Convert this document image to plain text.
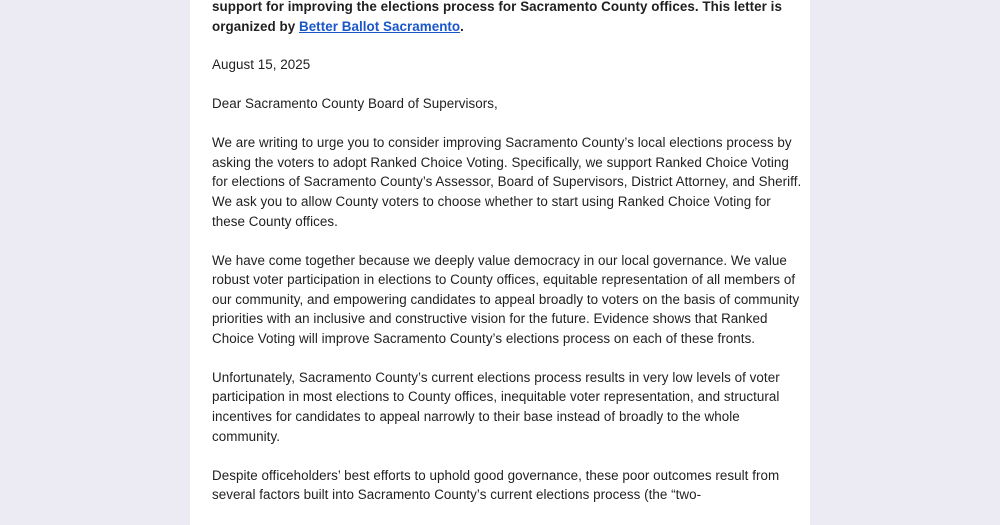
support for improving the elections process for Sacramento County offices. This letter is
organized by Better Ballot Sacramento.

August 15, 2025

Dear Sacramento County Board of Supervisors,

We are writing to urge you to consider improving Sacramento County’s local elections process by asking the voters to adopt Ranked Choice Voting. Specifically, we support Ranked Choice Voting for elections of Sacramento County’s Assessor, Board of Supervisors, District Attorney, and Sheriff. We ask you to allow County voters to choose whether to start using Ranked Choice Voting for these County offices.

We have come together because we deeply value democracy in our local governance. We value robust voter participation in elections to County offices, equitable representation of all members of our community, and empowering candidates to appeal broadly to voters on the basis of community priorities with an inclusive and constructive vision for the future. Evidence shows that Ranked Choice Voting will improve Sacramento County’s elections process on each of these fronts.

Unfortunately, Sacramento County’s current elections process results in very low levels of voter participation in most elections to County offices, inequitable voter representation, and structural incentives for candidates to appeal narrowly to their base instead of broadly to the whole community.

Despite officeholders’ best efforts to uphold good governance, these poor outcomes result from several factors built into Sacramento County’s current elections process (the “two-
